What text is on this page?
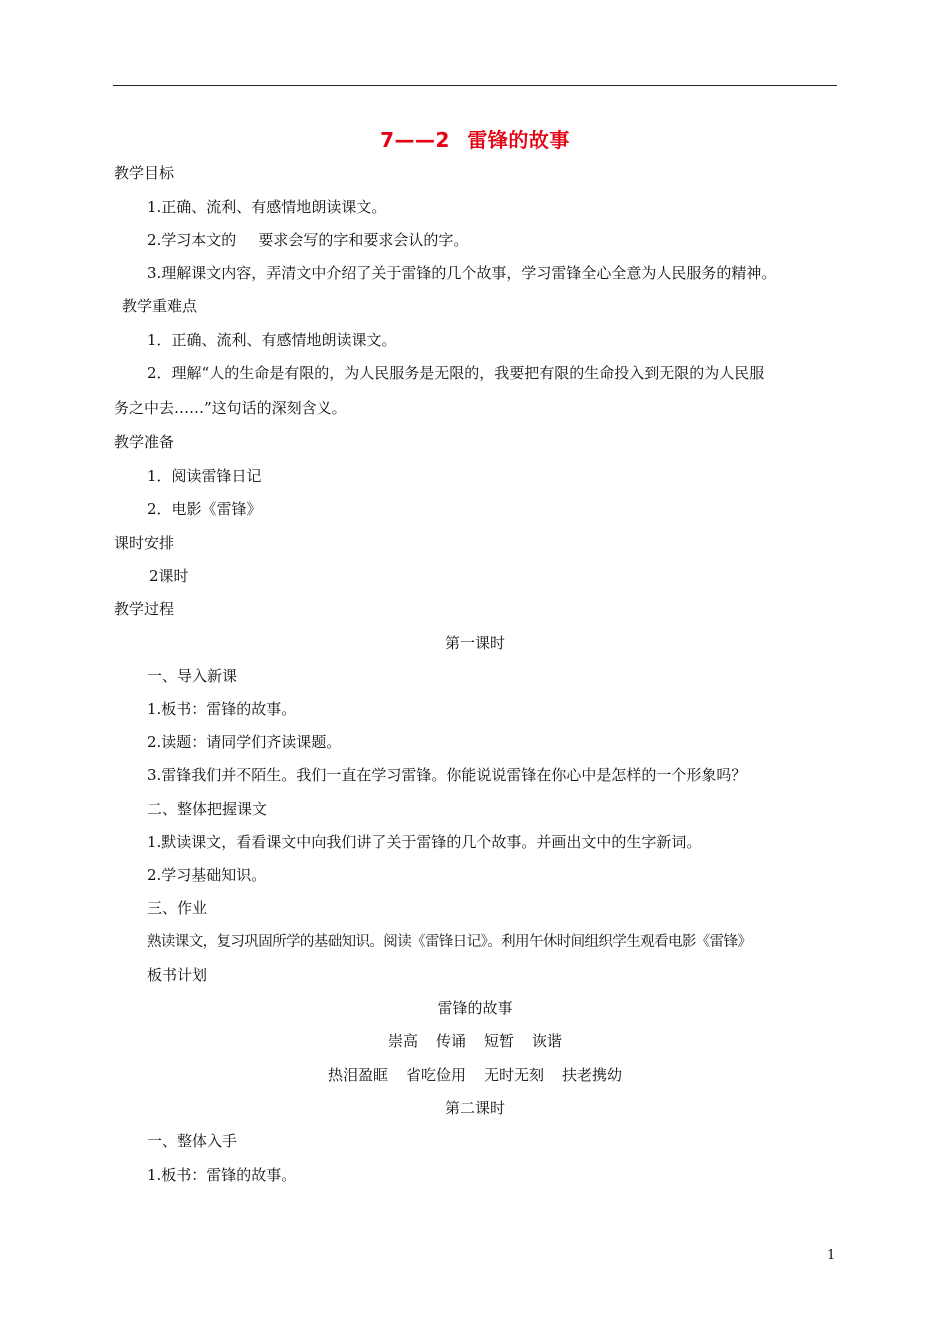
7——2 雷锋的故事
教学目标
1.正确、流利、有感情地朗读课文。
2.学习本文的 要求会写的字和要求会认的字。
3.理解课文内容，弄清文中介绍了关于雷锋的几个故事，学习雷锋全心全意为人民服务的精神。
教学重难点
1．正确、流利、有感情地朗读课文。
2．理解“人的生命是有限的，为人民服务是无限的，我要把有限的生命投入到无限的为人民服
务之中去……”这句话的深刻含义。
教学准备
1．阅读雷锋日记
2．电影《雷锋》
课时安排
2课时
教学过程
第一课时
一、导入新课
1.板书：雷锋的故事。
2.读题：请同学们齐读课题。
3.雷锋我们并不陌生。我们一直在学习雷锋。你能说说雷锋在你心中是怎样的一个形象吗？
二、整体把握课文
1.默读课文，看看课文中向我们讲了关于雷锋的几个故事。并画出文中的生字新词。
2.学习基础知识。
三、作业
熟读课文，复习巩固所学的基础知识。阅读《雷锋日记》。利用午休时间组织学生观看电影《雷锋》
板书计划
雷锋的故事
崇高 传诵 短暂 诙谐
热泪盈眶 省吃俭用 无时无刻 扶老携幼
第二课时
一、整体入手
1.板书：雷锋的故事。
1
